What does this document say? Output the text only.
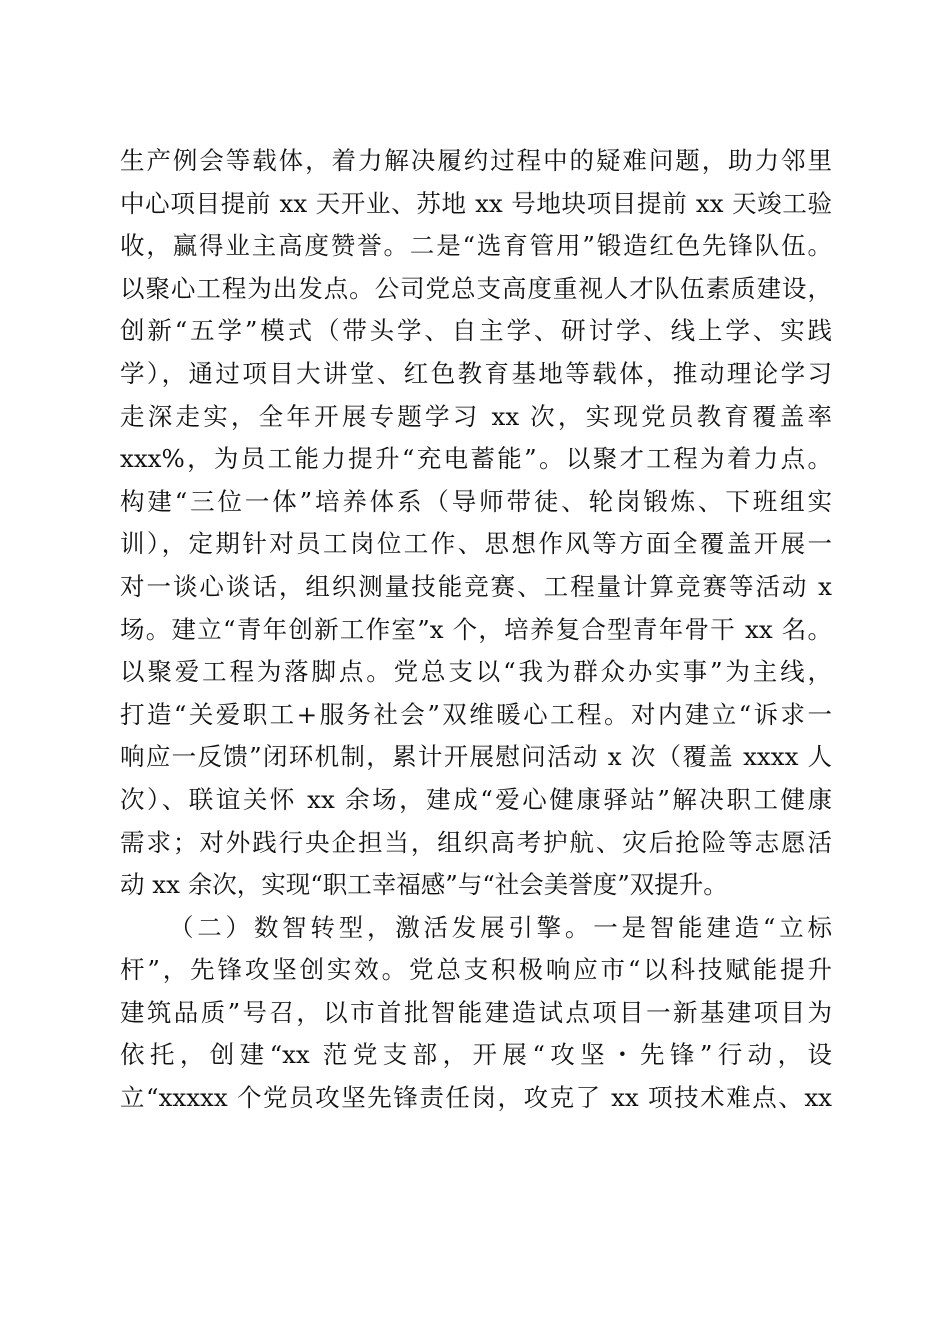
生产例会等载体，着力解决履约过程中的疑难问题，助力邻里
中心项目提前 xx 天开业、苏地 xx 号地块项目提前 xx 天竣工验
收，赢得业主高度赞誉。二是“选育管用”锻造红色先锋队伍。
以聚心工程为出发点。公司党总支高度重视人才队伍素质建设，
创新“五学”模式（带头学、自主学、研讨学、线上学、实践
学），通过项目大讲堂、红色教育基地等载体，推动理论学习
走深走实，全年开展专题学习 xx 次，实现党员教育覆盖率
xxx%，为员工能力提升“充电蓄能”。以聚才工程为着力点。
构建“三位一体”培养体系（导师带徒、轮岗锻炼、下班组实
训），定期针对员工岗位工作、思想作风等方面全覆盖开展一
对一谈心谈话，组织测量技能竞赛、工程量计算竞赛等活动 x
场。建立“青年创新工作室”x 个，培养复合型青年骨干 xx 名。
以聚爱工程为落脚点。党总支以“我为群众办实事”为主线，
打造“关爱职工+服务社会”双维暖心工程。对内建立“诉求一
响应一反馈”闭环机制，累计开展慰问活动 x 次（覆盖 xxxx 人
次）、联谊关怀 xx 余场，建成“爱心健康驿站”解决职工健康
需求；对外践行央企担当，组织高考护航、灾后抢险等志愿活
动 xx 余次，实现“职工幸福感”与“社会美誉度”双提升。
（二）数智转型，激活发展引擎。一是智能建造“立标
杆”，先锋攻坚创实效。党总支积极响应市“以科技赋能提升
建筑品质”号召，以市首批智能建造试点项目一新基建项目为
依托，创建“xx 范党支部，开展“攻坚・先锋”行动，设
立“xxxxx 个党员攻坚先锋责任岗，攻克了 xx 项技术难点、xx
